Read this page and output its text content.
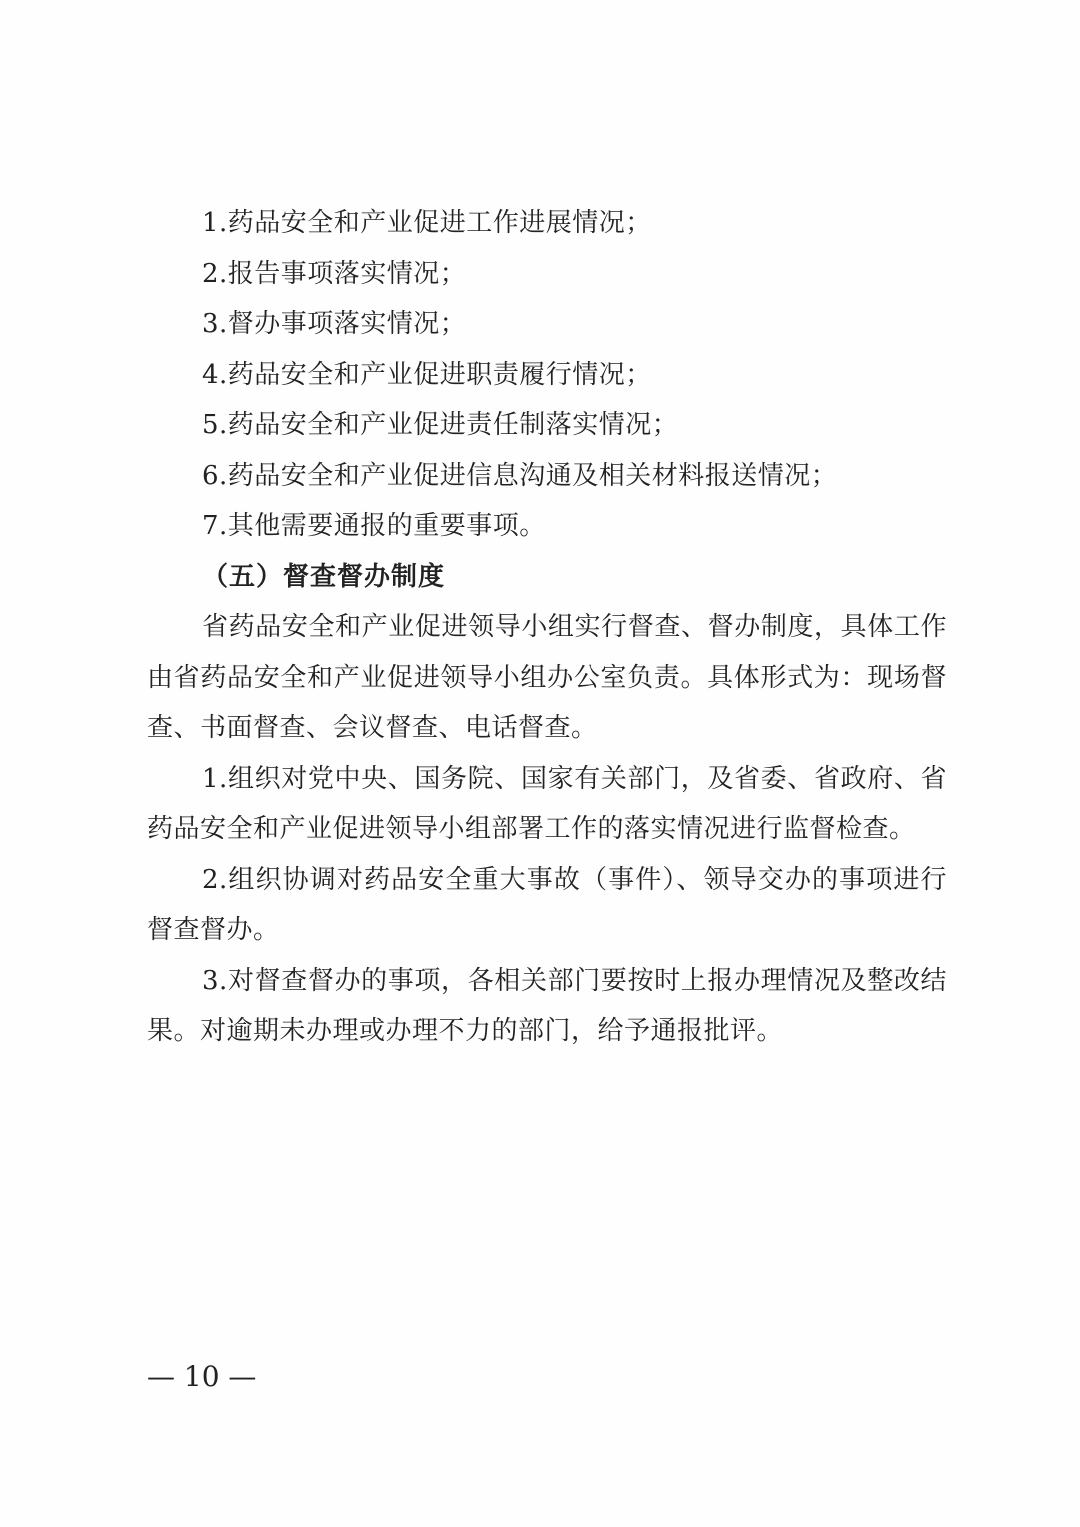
1.药品安全和产业促进工作进展情况；
2.报告事项落实情况；
3.督办事项落实情况；
4.药品安全和产业促进职责履行情况；
5.药品安全和产业促进责任制落实情况；
6.药品安全和产业促进信息沟通及相关材料报送情况；
7.其他需要通报的重要事项。
（五）督查督办制度

省药品安全和产业促进领导小组实行督查、督办制度，具体工作由省药品安全和产业促进领导小组办公室负责。具体形式为：现场督查、书面督查、会议督查、电话督查。

1.组织对党中央、国务院、国家有关部门，及省委、省政府、省药品安全和产业促进领导小组部署工作的落实情况进行监督检查。

2.组织协调对药品安全重大事故（事件）、领导交办的事项进行督查督办。

3.对督查督办的事项，各相关部门要按时上报办理情况及整改结果。对逾期未办理或办理不力的部门，给予通报批评。

— 10 —
